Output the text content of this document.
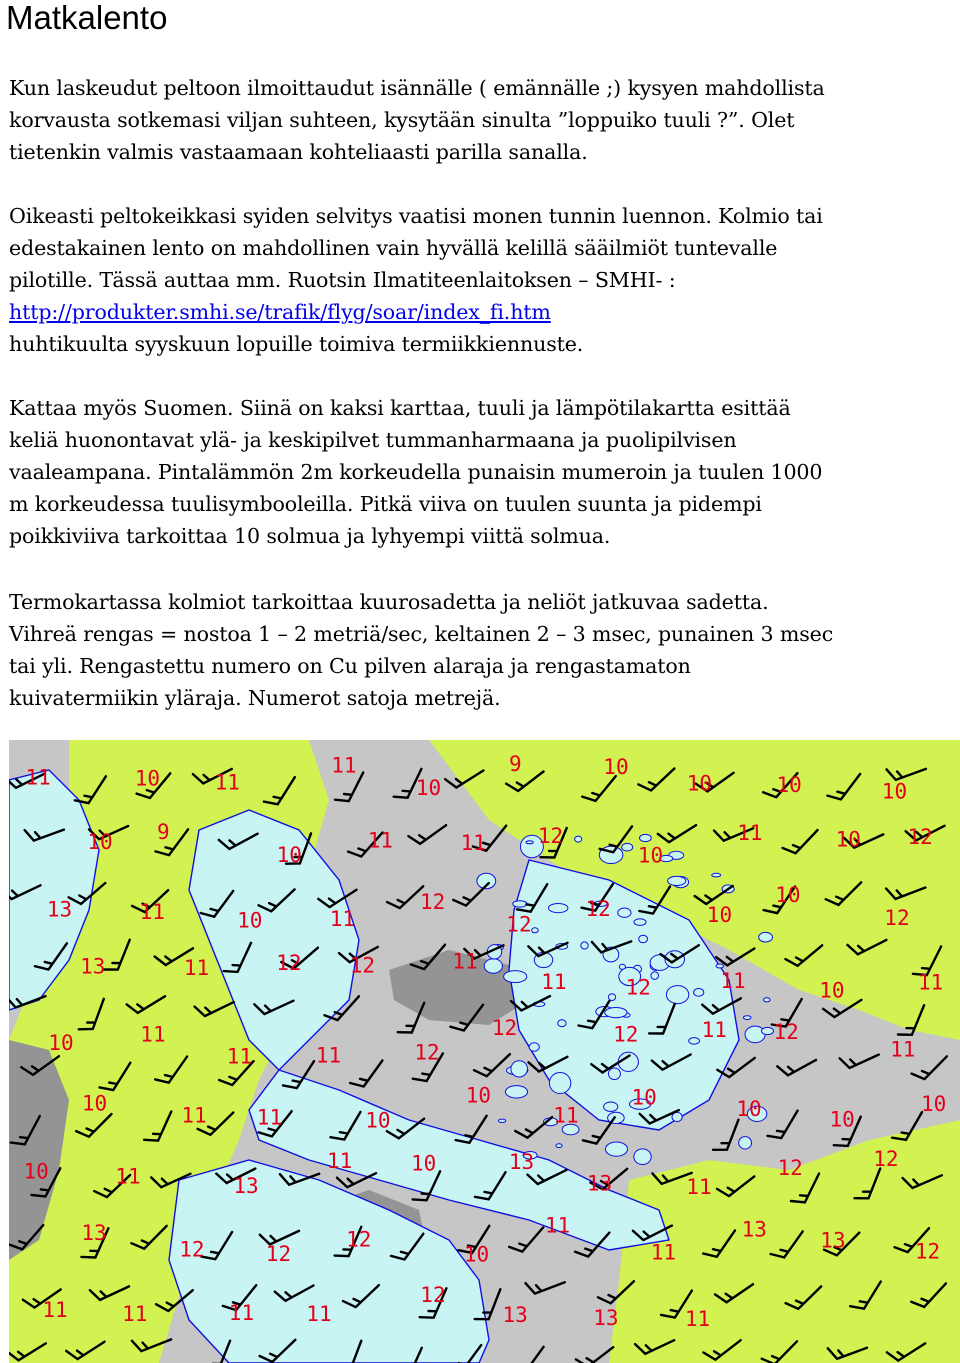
Matkalento

Kun laskeudut peltoon ilmoittaudut isännälle ( emännälle ;) kysyen mahdollista
korvausta sotkemasi viljan suhteen, kysytään sinulta ”loppuiko tuuli ?”. Olet
tietenkin valmis vastaamaan kohteliaasti parilla sanalla.

Oikeasti peltokeikkasi syiden selvitys vaatisi monen tunnin luennon. Kolmio tai
edestakainen lento on mahdollinen vain hyvällä kelillä sääilmiöt tuntevalle
pilotille. Tässä auttaa mm. Ruotsin Ilmatiteenlaitoksen – SMHI- :
http://produkter.smhi.se/trafik/flyg/soar/index_fi.htm
huhtikuulta syyskuun lopuille toimiva termiikkiennuste.

Kattaa myös Suomen. Siinä on kaksi karttaa, tuuli ja lämpötilakartta esittää
keliä huonontavat ylä- ja keskipilvet tummanharmaana ja puolipilvisen
vaaleampana. Pintalämmön 2m korkeudella punaisin mumeroin ja tuulen 1000
m korkeudessa tuulisymbooleilla. Pitkä viiva on tuulen suunta ja pidempi
poikkiviiva tarkoittaa 10 solmua ja lyhyempi viittä solmua.

Termokartassa kolmiot tarkoittaa kuurosadetta ja neliöt jatkuvaa sadetta.
Vihreä rengas = nostoa 1 – 2 metriä/sec, keltainen 2 – 3 msec, punainen 3 msec
tai yli. Rengastettu numero on Cu pilven alaraja ja rengastamaton
kuivatermiikin yläraja. Numerot satoja metrejä.

11	10	11
11
10
9	10
10	10	10
10 9
10
11	11 12
10
11	10 12
13	11	10	11
12
12
12	10
10
12
13	11	12 12	11
11	12	11	10	11
10	11
11	11	12
12	12	11 12
11
10	11 11	10
10
11
10	10	10
10
10	11	13
11	10	13
13	11
12	12
13
12	12
12
10
11
11
13	13	12
11	11	11 11
12
13	13	11
